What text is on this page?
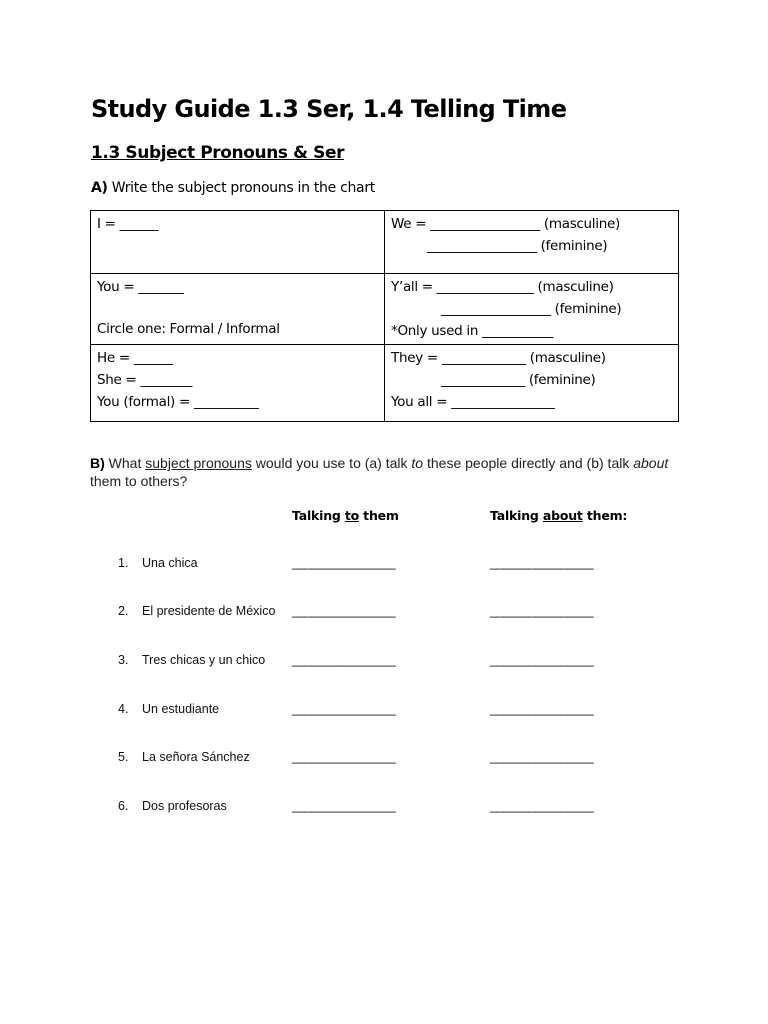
Study Guide 1.3 Ser, 1.4 Telling Time
1.3 Subject Pronouns & Ser
A) Write the subject pronouns in the chart
I = ______	We = _________________ (masculine)
_________________ (feminine)

You = _______
Circle one: Formal / Informal	Y’all = _______________ (masculine)
_________________ (feminine)
*Only used in ___________

He = ______
She = ________
You (formal) = __________	They = _____________ (masculine)
_____________ (feminine)
You all = ________________
B) What subject pronouns would you use to (a) talk to these people directly and (b) talk about them to others?
Talking to them	Talking about them:
1. Una chica	________________	________________
2. El presidente de México ________________	________________
3. Tres chicas y un chico ________________	________________
4. Un estudiante	________________	________________
5. La señora Sánchez	________________	________________
6. Dos profesoras	________________	________________
